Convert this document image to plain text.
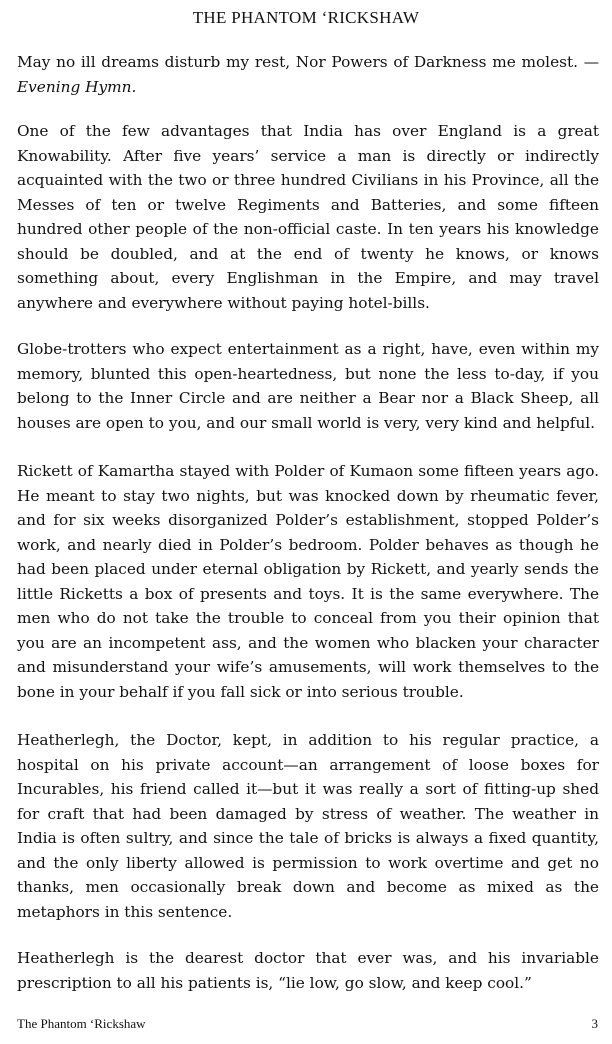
THE PHANTOM ‘RICKSHAW

May no ill dreams disturb my rest, Nor Powers of Darkness me molest. —Evening Hymn.

One of the few advantages that India has over England is a great Knowability. After five years’ service a man is directly or indirectly acquainted with the two or three hundred Civilians in his Province, all the Messes of ten or twelve Regiments and Batteries, and some fifteen hundred other people of the non-official caste. In ten years his knowledge should be doubled, and at the end of twenty he knows, or knows something about, every Englishman in the Empire, and may travel anywhere and everywhere without paying hotel-bills.

Globe-trotters who expect entertainment as a right, have, even within my memory, blunted this open-heartedness, but none the less to-day, if you belong to the Inner Circle and are neither a Bear nor a Black Sheep, all houses are open to you, and our small world is very, very kind and helpful.

Rickett of Kamartha stayed with Polder of Kumaon some fifteen years ago. He meant to stay two nights, but was knocked down by rheumatic fever, and for six weeks disorganized Polder’s establishment, stopped Polder’s work, and nearly died in Polder’s bedroom. Polder behaves as though he had been placed under eternal obligation by Rickett, and yearly sends the little Ricketts a box of presents and toys. It is the same everywhere. The men who do not take the trouble to conceal from you their opinion that you are an incompetent ass, and the women who blacken your character and misunderstand your wife’s amusements, will work themselves to the bone in your behalf if you fall sick or into serious trouble.

Heatherlegh, the Doctor, kept, in addition to his regular practice, a hospital on his private account—an arrangement of loose boxes for Incurables, his friend called it—but it was really a sort of fitting-up shed for craft that had been damaged by stress of weather. The weather in India is often sultry, and since the tale of bricks is always a fixed quantity, and the only liberty allowed is permission to work overtime and get no thanks, men occasionally break down and become as mixed as the metaphors in this sentence.

Heatherlegh is the dearest doctor that ever was, and his invariable prescription to all his patients is, “lie low, go slow, and keep cool.”

The Phantom ‘Rickshaw	3
